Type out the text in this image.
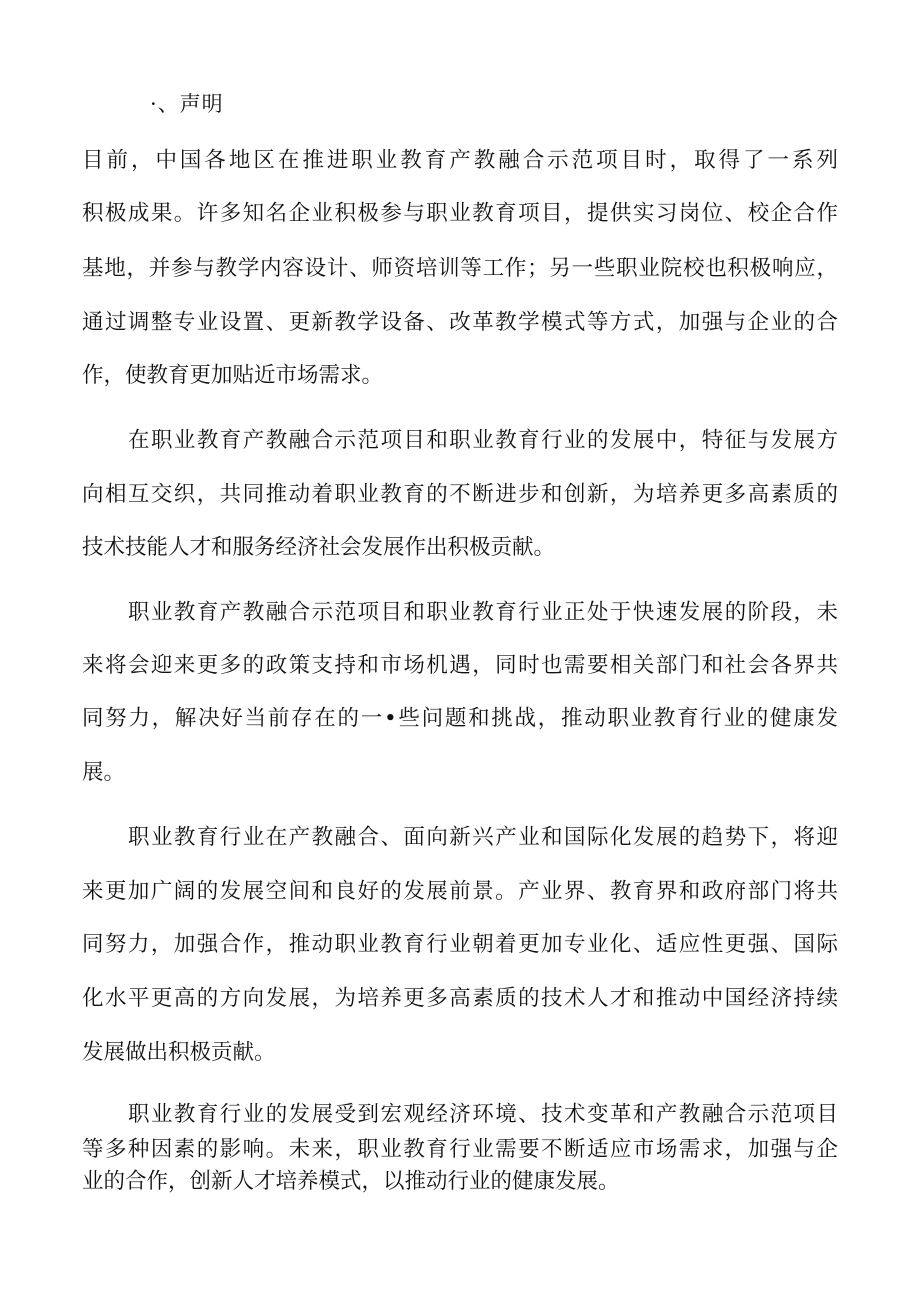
·、声明
目前，中国各地区在推进职业教育产教融合示范项目时，取得了一系列
积极成果。许多知名企业积极参与职业教育项目，提供实习岗位、校企合作
基地，并参与教学内容设计、师资培训等工作；另一些职业院校也积极响应，
通过调整专业设置、更新教学设备、改革教学模式等方式，加强与企业的合
作，使教育更加贴近市场需求。
在职业教育产教融合示范项目和职业教育行业的发展中，特征与发展方
向相互交织，共同推动着职业教育的不断进步和创新，为培养更多高素质的
技术技能人才和服务经济社会发展作出积极贡献。
职业教育产教融合示范项目和职业教育行业正处于快速发展的阶段，未
来将会迎来更多的政策支持和市场机遇，同时也需要相关部门和社会各界共
同努力，解决好当前存在的一•些问题和挑战，推动职业教育行业的健康发
展。
职业教育行业在产教融合、面向新兴产业和国际化发展的趋势下，将迎
来更加广阔的发展空间和良好的发展前景。产业界、教育界和政府部门将共
同努力，加强合作，推动职业教育行业朝着更加专业化、适应性更强、国际
化水平更高的方向发展，为培养更多高素质的技术人才和推动中国经济持续
发展做出积极贡献。
职业教育行业的发展受到宏观经济环境、技术变革和产教融合示范项目
等多种因素的影响。未来，职业教育行业需要不断适应市场需求，加强与企
业的合作，创新人才培养模式，以推动行业的健康发展。
